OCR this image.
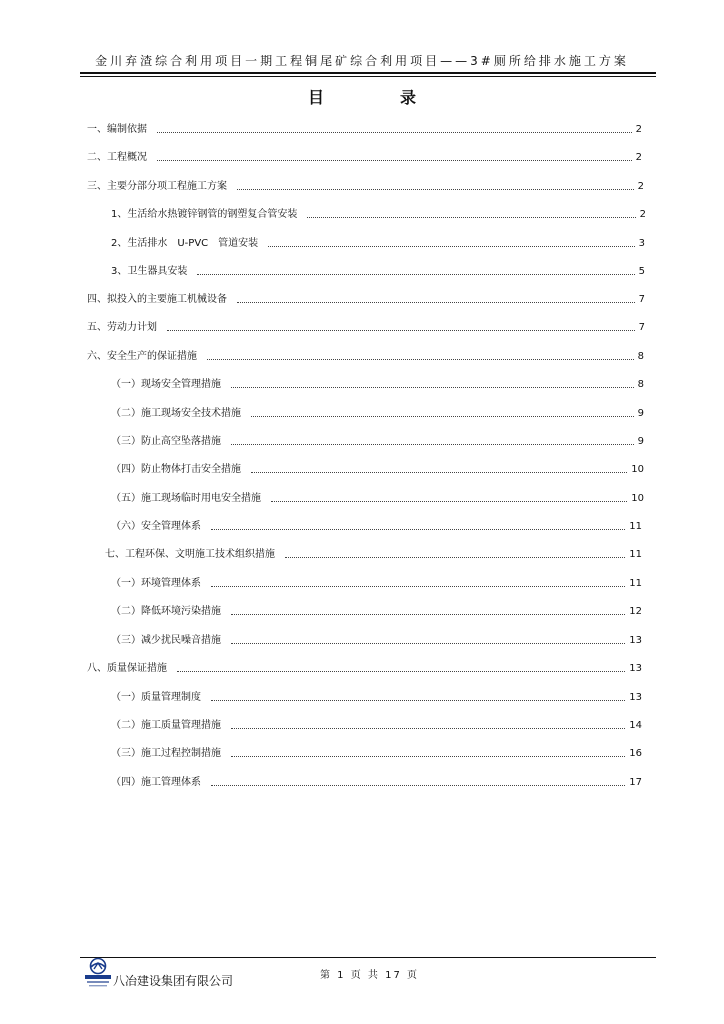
金川弃渣综合利用项目一期工程铜尾矿综合利用项目——3#厕所给排水施工方案
目　录
一、编制依据	2
二、工程概况	2
三、主要分部分项工程施工方案	2
1、生活给水热镀锌钢管的钢塑复合管安装	2
2、生活排水　U-PVC　管道安装	3
3、卫生器具安装	5
四、拟投入的主要施工机械设备	7
五、劳动力计划	7
六、安全生产的保证措施	8
（一）现场安全管理措施	8
（二）施工现场安全技术措施	9
（三）防止高空坠落措施	9
（四）防止物体打击安全措施	10
（五）施工现场临时用电安全措施	10
（六）安全管理体系	11
七、工程环保、文明施工技术组织措施	11
（一）环境管理体系	11
（二）降低环境污染措施	12
（三）减少扰民噪音措施	13
八、质量保证措施	13
（一）质量管理制度	13
（二）施工质量管理措施	14
（三）施工过程控制措施	16
（四）施工管理体系	17
八冶建设集团有限公司	第 1 页 共 17 页
